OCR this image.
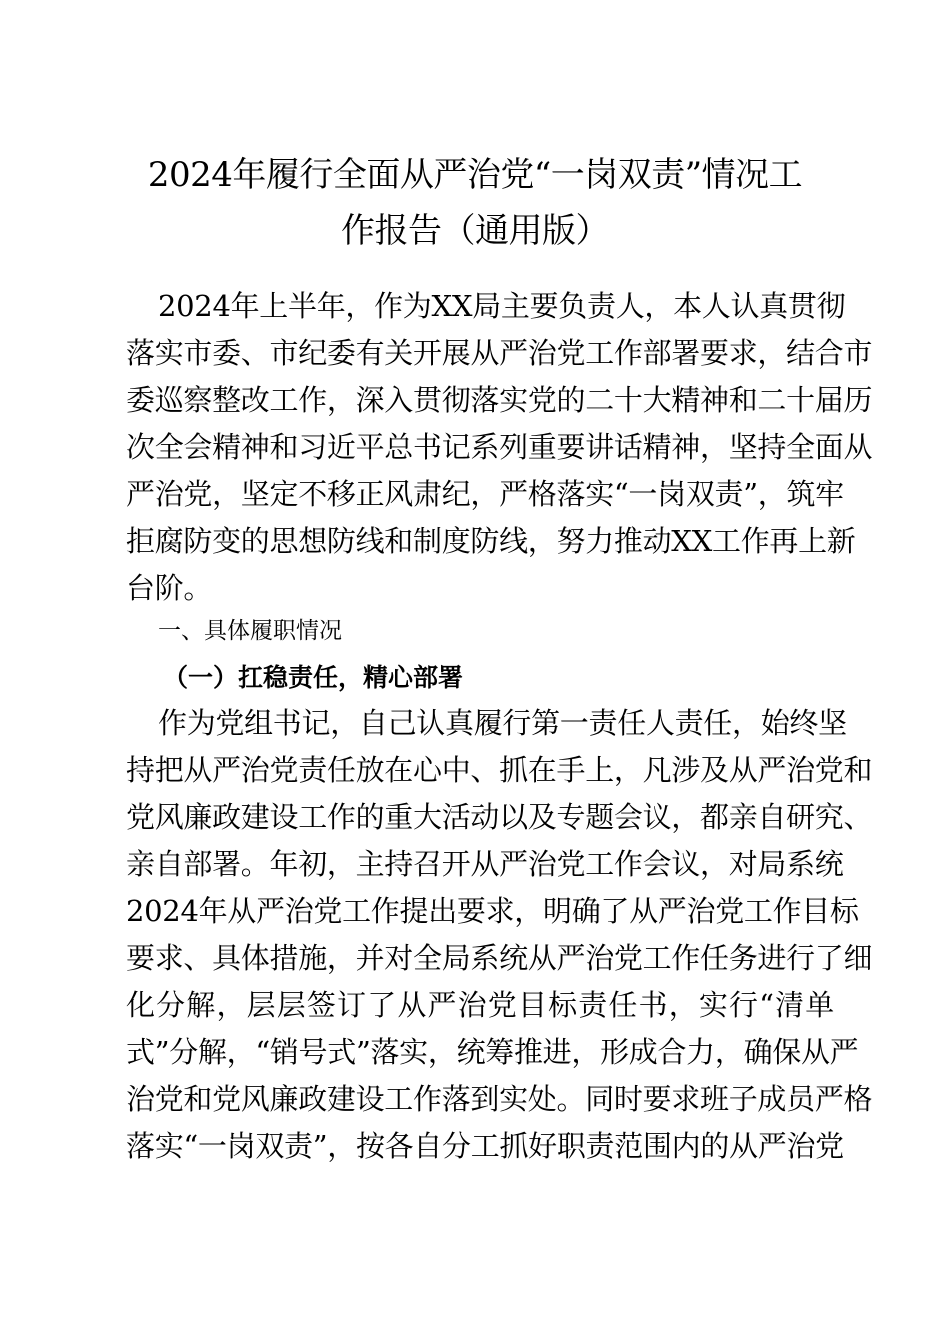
2024年履行全面从严治党“一岗双责”情况工
作报告（通用版）
2024年上半年，作为XX局主要负责人，本人认真贯彻
落实市委、市纪委有关开展从严治党工作部署要求，结合市
委巡察整改工作，深入贯彻落实党的二十大精神和二十届历
次全会精神和习近平总书记系列重要讲话精神，坚持全面从
严治党，坚定不移正风肃纪，严格落实“一岗双责”，筑牢
拒腐防变的思想防线和制度防线，努力推动XX工作再上新
台阶。
一、具体履职情况
（一）扛稳责任，精心部署
作为党组书记，自己认真履行第一责任人责任，始终坚
持把从严治党责任放在心中、抓在手上，凡涉及从严治党和
党风廉政建设工作的重大活动以及专题会议，都亲自研究、
亲自部署。年初，主持召开从严治党工作会议，对局系统
2024年从严治党工作提出要求，明确了从严治党工作目标
要求、具体措施，并对全局系统从严治党工作任务进行了细
化分解，层层签订了从严治党目标责任书，实行“清单
式”分解，“销号式”落实，统筹推进，形成合力，确保从严
治党和党风廉政建设工作落到实处。同时要求班子成员严格
落实“一岗双责”，按各自分工抓好职责范围内的从严治党
